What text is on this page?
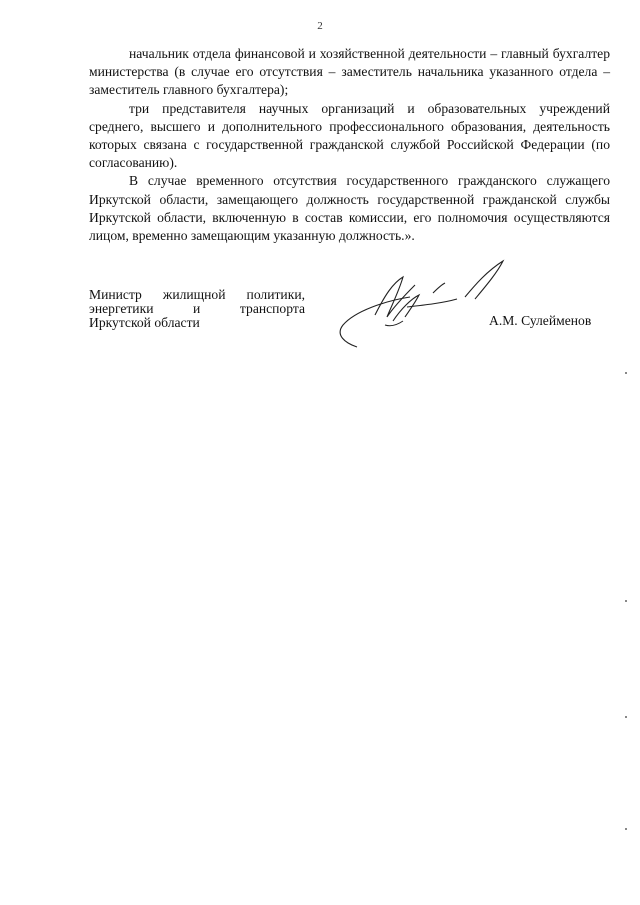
2

начальник отдела финансовой и хозяйственной деятельности – главный бухгалтер министерства (в случае его отсутствия – заместитель начальника указанного отдела – заместитель главного бухгалтера);

три представителя научных организаций и образовательных учреждений среднего, высшего и дополнительного профессионального образования, деятельность которых связана с государственной гражданской службой Российской Федерации (по согласованию).

В случае временного отсутствия государственного гражданского служащего Иркутской области, замещающего должность государственной гражданской службы Иркутской области, включенную в состав комиссии, его полномочия осуществляются лицом, временно замещающим указанную должность.».

Министр жилищной политики,
энергетики и транспорта
Иркутской области	А.М. Сулейменов
